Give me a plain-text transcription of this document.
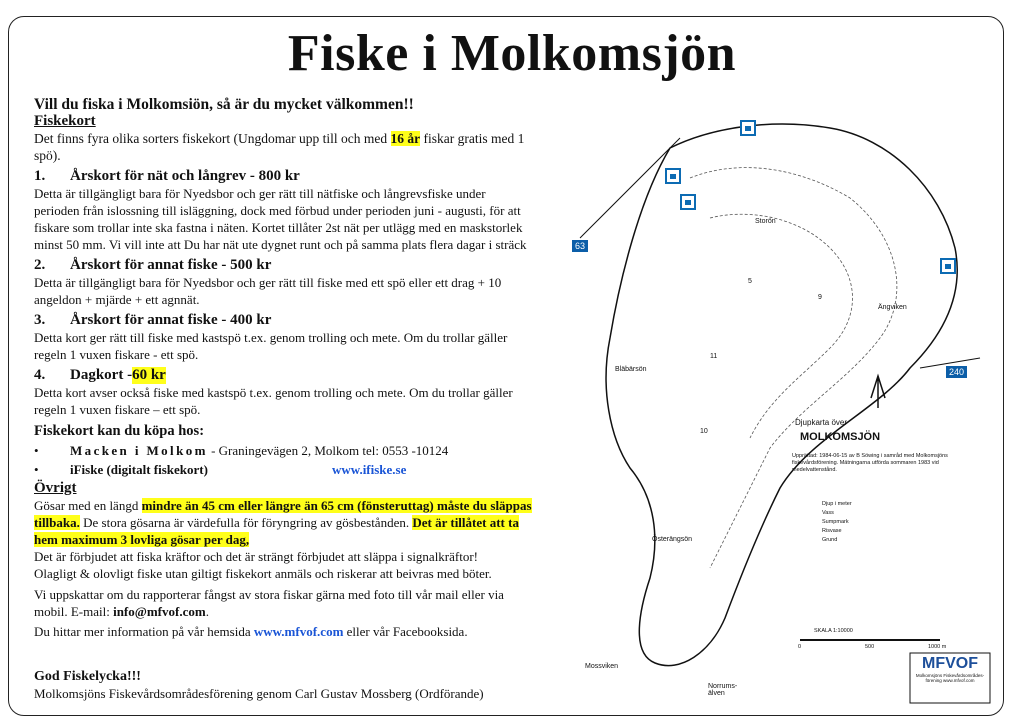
Fiske i Molkomsjön

Vill du fiska i Molkomsiön, så är du mycket välkommen!!

Fiskekort

Det finns fyra olika sorters fiskekort (Ungdomar upp till och med 16 år fiskar gratis med 1 spö).

1.	Årskort för nät och långrev - 800 kr

Detta är tillgängligt bara för Nyedsbor och ger rätt till nätfiske och långrevsfiske under perioden från islossning till isläggning, dock med förbud under perioden juni - augusti, för att fiskare som trollar inte ska fastna i näten. Kortet tillåter 2st nät per utlägg med en maskstorlek minst 50 mm. Vi vill inte att Du har nät ute dygnet runt och på samma plats flera dagar i sträck

2.	Årskort för annat fiske - 500 kr

Detta är tillgängligt bara för Nyedsbor och ger rätt till fiske med ett spö eller ett drag + 10 angeldon + mjärde + ett agnnät.

3.	Årskort för annat fiske - 400 kr

Detta kort ger rätt till fiske med kastspö t.ex. genom trolling och mete. Om du trollar gäller regeln 1 vuxen fiskare - ett spö.

4.	Dagkort - 60 kr

Detta kort avser också fiske med kastspö t.ex. genom trolling och mete. Om du trollar gäller regeln 1 vuxen fiskare – ett spö.

Fiskekort kan du köpa hos:

•	Macken i Molkom - Graningevägen 2, Molkom tel: 0553 -10124
•	iFiske (digitalt fiskekort)	www.ifiske.se

Övrigt

Gösar med en längd mindre än 45 cm eller längre än 65 cm (fönsteruttag) måste du släppas tillbaka. De stora gösarna är värdefulla för föryngring av gösbestånden. Det är tillåtet att ta hem maximum 3 lovliga gösar per dag,

Det är förbjudet att fiska kräftor och det är strängt förbjudet att släppa i signalkräftor!

Olagligt & olovligt fiske utan giltigt fiskekort anmäls och riskerar att beivras med böter.

Vi uppskattar om du rapporterar fångst av stora fiskar gärna med foto till vår mail eller via mobil. E-mail: info@mfvof.com.

Du hittar mer information på vår hemsida www.mfvof.com eller vår Facebooksida.

God Fiskelycka!!!

Molkomsjöns Fiskevårdsområdesförening genom Carl Gustav Mossberg (Ordförande)

63
240
Storön
Ängviken
Bläbärsön
Österängsön
Mossviken
Norrums-älven
5
9
11
10
Djupkarta över
MOLKOMSJÖN
Upprättad: 1984-06-15 av B Söwing i samråd med Molkomsjöns fiskevårdsförening. Mätningarna utförda sommaren 1983 vid medelvattenstånd.
Djup i meter
Vass
Sumpmark
Risvase
Grund
SKALA 1:10000
0	500	1000 m
MFVOF
Molkomsjöns Fiskevårdsområdes-förening www.mfvof.com
